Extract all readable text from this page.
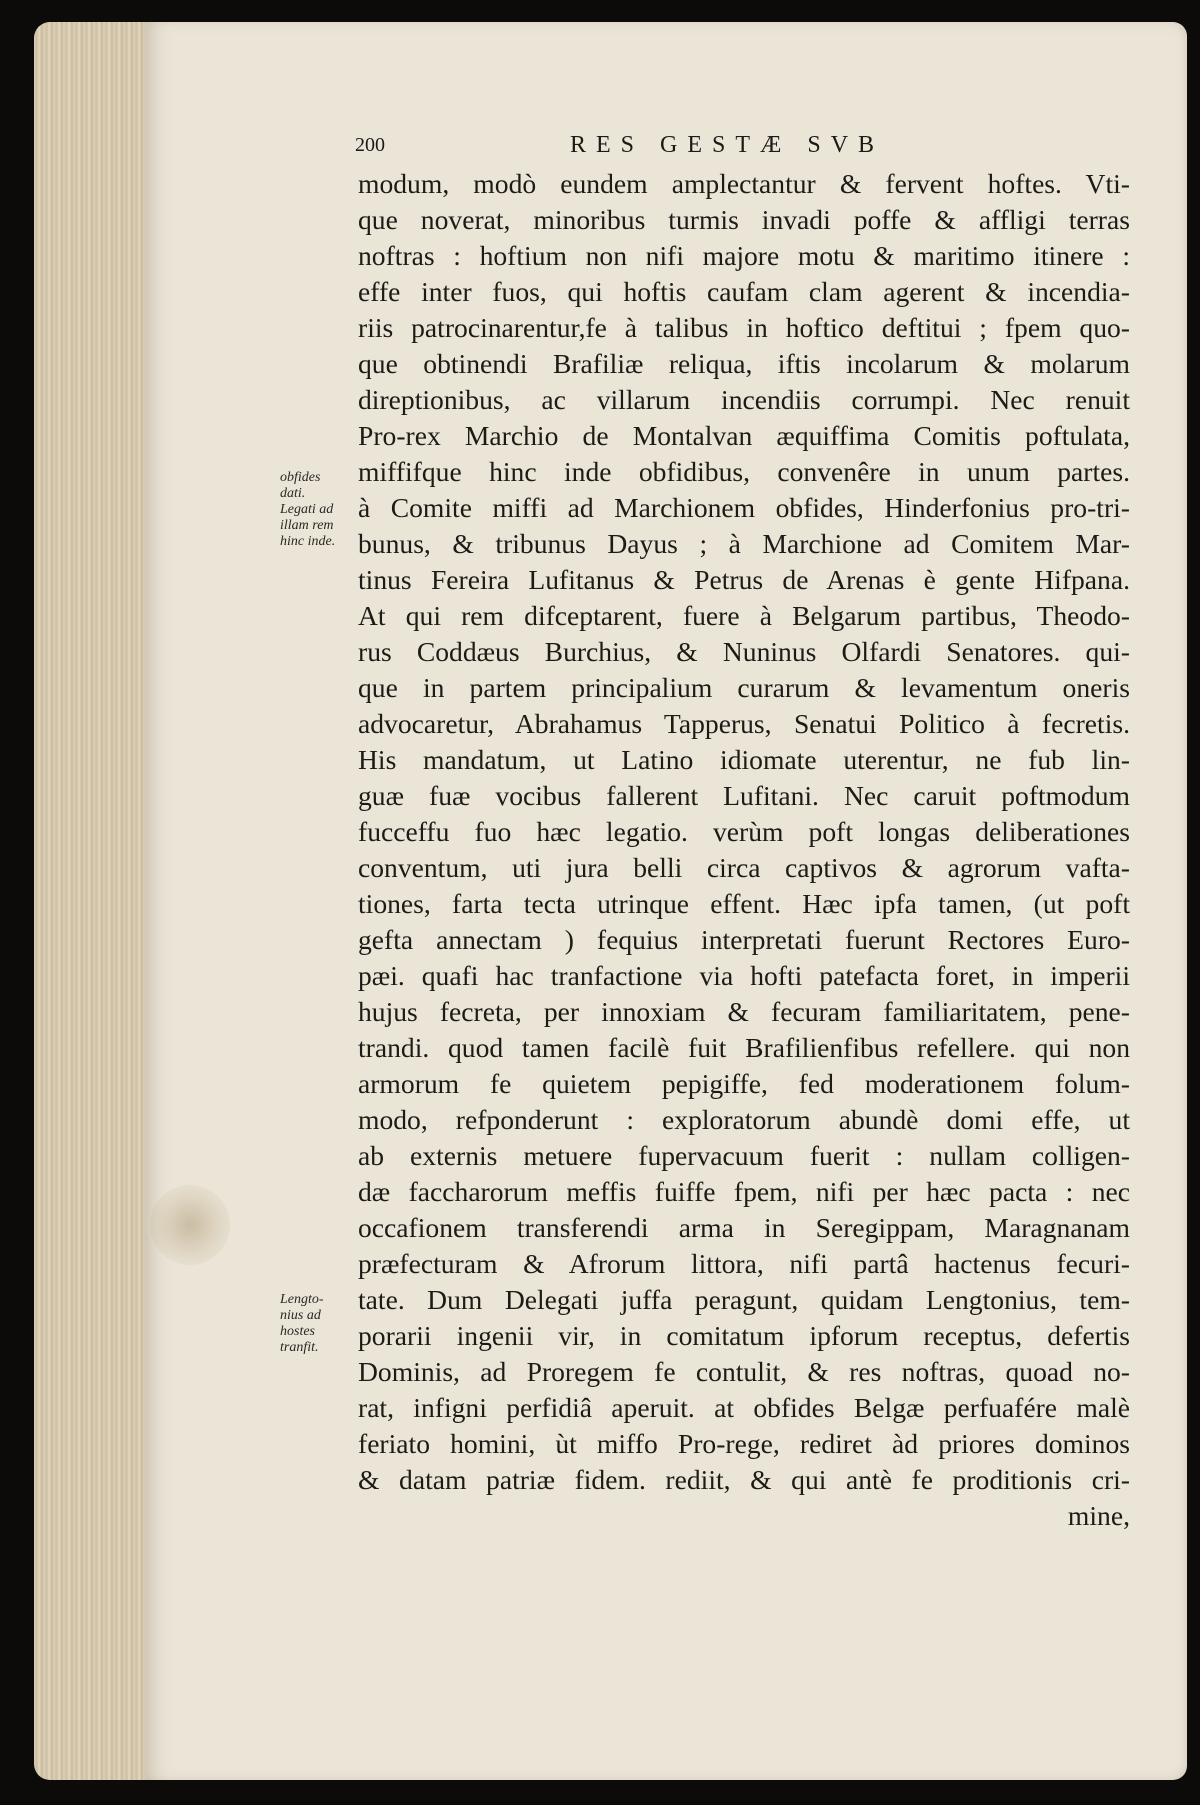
200	RES GESTÆ SVB
obfides
dati.
Legati ad
illam rem
hinc inde.
Lengto-
nius ad
hostes
tranfit.
modum, modò eundem amplectantur & fervent hoftes. Vti-
que noverat, minoribus turmis invadi poffe & affligi terras
noftras : hoftium non nifi majore motu & maritimo itinere :
effe inter fuos, qui hoftis caufam clam agerent & incendia-
riis patrocinarentur,fe à talibus in hoftico deftitui ; fpem quo-
que obtinendi Brafiliæ reliqua, iftis incolarum & molarum
direptionibus, ac villarum incendiis corrumpi. Nec renuit
Pro-rex Marchio de Montalvan æquiffima Comitis poftulata,
miffifque hinc inde obfidibus, convenêre in unum partes.
à Comite miffi ad Marchionem obfides, Hinderfonius pro-tri-
bunus, & tribunus Dayus ; à Marchione ad Comitem Mar-
tinus Fereira Lufitanus & Petrus de Arenas è gente Hifpana.
At qui rem difceptarent, fuere à Belgarum partibus, Theodo-
rus Coddæus Burchius, & Nuninus Olfardi Senatores. qui-
que in partem principalium curarum & levamentum oneris
advocaretur, Abrahamus Tapperus, Senatui Politico à fecretis.
His mandatum, ut Latino idiomate uterentur, ne fub lin-
guæ fuæ vocibus fallerent Lufitani. Nec caruit poftmodum
fucceffu fuo hæc legatio. verùm poft longas deliberationes
conventum, uti jura belli circa captivos & agrorum vafta-
tiones, farta tecta utrinque effent. Hæc ipfa tamen, (ut poft
gefta annectam ) fequius interpretati fuerunt Rectores Euro-
pæi. quafi hac tranfactione via hofti patefacta foret, in imperii
hujus fecreta, per innoxiam & fecuram familiaritatem, pene-
trandi. quod tamen facilè fuit Brafilienfibus refellere. qui non
armorum fe quietem pepigiffe, fed moderationem folum-
modo, refponderunt : exploratorum abundè domi effe, ut
ab externis metuere fupervacuum fuerit : nullam colligen-
dæ faccharorum meffis fuiffe fpem, nifi per hæc pacta : nec
occafionem transferendi arma in Seregippam, Maragnanam
præfecturam & Afrorum littora, nifi partâ hactenus fecuri-
tate. Dum Delegati juffa peragunt, quidam Lengtonius, tem-
porarii ingenii vir, in comitatum ipforum receptus, defertis
Dominis, ad Proregem fe contulit, & res noftras, quoad no-
rat, infigni perfidiâ aperuit. at obfides Belgæ perfuafére malè
feriato homini, ùt miffo Pro-rege, rediret àd priores dominos
& datam patriæ fidem. rediit, & qui antè fe proditionis cri-
mine,
